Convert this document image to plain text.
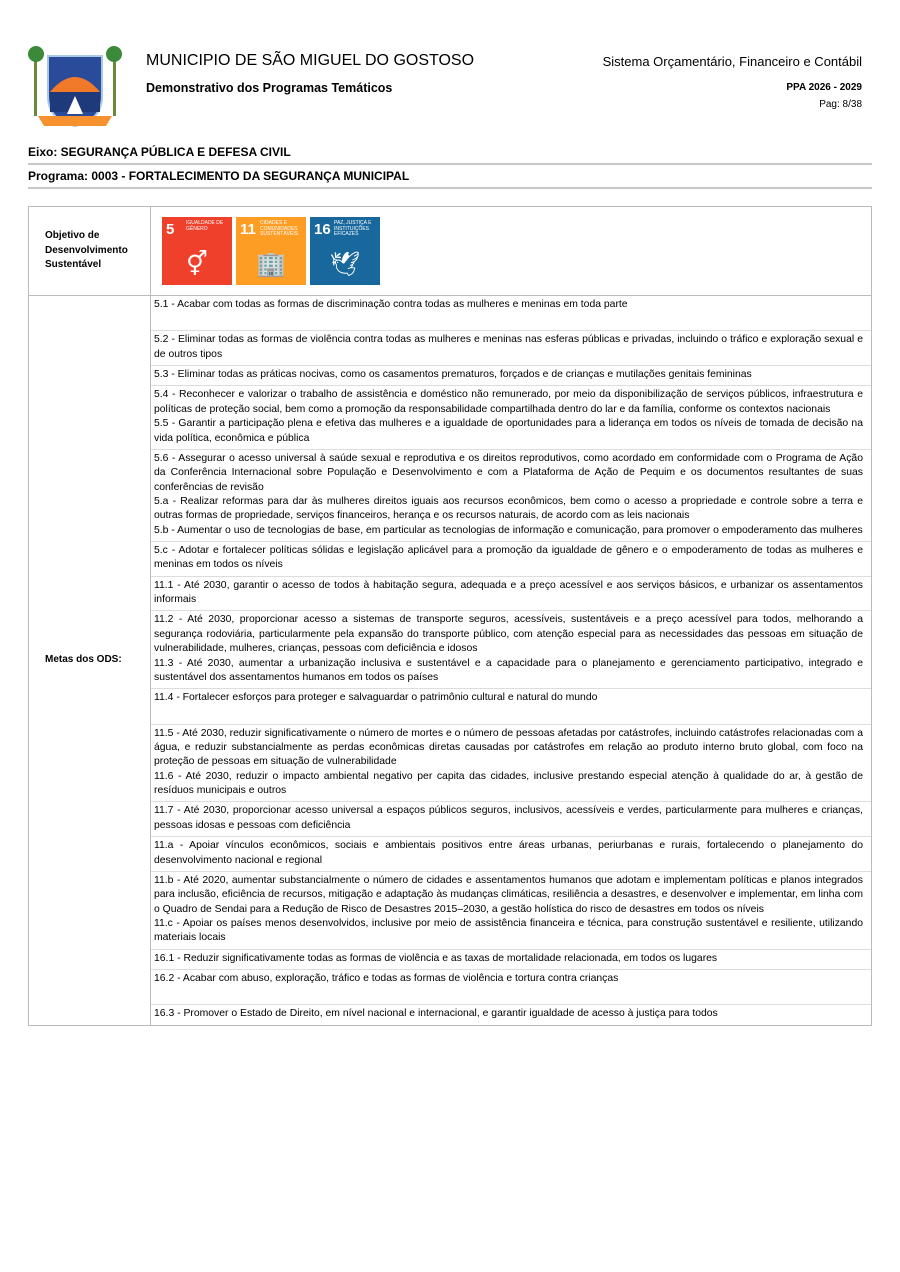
MUNICIPIO DE SÃO MIGUEL DO GOSTOSO
Demonstrativo dos Programas Temáticos
Sistema Orçamentário, Financeiro e Contábil
PPA 2026 - 2029
Pag: 8/38
Eixo: SEGURANÇA PÚBLICA E DEFESA CIVIL
Programa: 0003 - FORTALECIMENTO DA SEGURANÇA MUNICIPAL
Objetivo de Desenvolvimento Sustentável
5 IGUALDADE DE GÊNERO
⚥
11 CIDADES E COMUNIDADES SUSTENTÁVEIS
🏢
16 PAZ, JUSTIÇA E INSTITUIÇÕES EFICAZES
🕊
Metas dos ODS:
5.1 - Acabar com todas as formas de discriminação contra todas as mulheres e meninas em toda parte
5.2 - Eliminar todas as formas de violência contra todas as mulheres e meninas nas esferas públicas e privadas, incluindo o tráfico e exploração sexual e de outros tipos
5.3 - Eliminar todas as práticas nocivas, como os casamentos prematuros, forçados e de crianças e mutilações genitais femininas
5.4 - Reconhecer e valorizar o trabalho de assistência e doméstico não remunerado, por meio da disponibilização de serviços públicos, infraestrutura e políticas de proteção social, bem como a promoção da responsabilidade compartilhada dentro do lar e da família, conforme os contextos nacionais
5.5 - Garantir a participação plena e efetiva das mulheres e a igualdade de oportunidades para a liderança em todos os níveis de tomada de decisão na vida política, econômica e pública
5.6 - Assegurar o acesso universal à saúde sexual e reprodutiva e os direitos reprodutivos, como acordado em conformidade com o Programa de Ação da Conferência Internacional sobre População e Desenvolvimento e com a Plataforma de Ação de Pequim e os documentos resultantes de suas conferências de revisão
5.a - Realizar reformas para dar às mulheres direitos iguais aos recursos econômicos, bem como o acesso a propriedade e controle sobre a terra e outras formas de propriedade, serviços financeiros, herança e os recursos naturais, de acordo com as leis nacionais
5.b - Aumentar o uso de tecnologias de base, em particular as tecnologias de informação e comunicação, para promover o empoderamento das mulheres
5.c - Adotar e fortalecer políticas sólidas e legislação aplicável para a promoção da igualdade de gênero e o empoderamento de todas as mulheres e meninas em todos os níveis
11.1 - Até 2030, garantir o acesso de todos à habitação segura, adequada e a preço acessível e aos serviços básicos, e urbanizar os assentamentos informais
11.2 - Até 2030, proporcionar acesso a sistemas de transporte seguros, acessíveis, sustentáveis e a preço acessível para todos, melhorando a segurança rodoviária, particularmente pela expansão do transporte público, com atenção especial para as necessidades das pessoas em situação de vulnerabilidade, mulheres, crianças, pessoas com deficiência e idosos
11.3 - Até 2030, aumentar a urbanização inclusiva e sustentável e a capacidade para o planejamento e gerenciamento participativo, integrado e sustentável dos assentamentos humanos em todos os países
11.4 - Fortalecer esforços para proteger e salvaguardar o patrimônio cultural e natural do mundo
11.5 - Até 2030, reduzir significativamente o número de mortes e o número de pessoas afetadas por catástrofes, incluindo catástrofes relacionadas com a água, e reduzir substancialmente as perdas econômicas diretas causadas por catástrofes em relação ao produto interno bruto global, com foco na proteção de pessoas em situação de vulnerabilidade
11.6 - Até 2030, reduzir o impacto ambiental negativo per capita das cidades, inclusive prestando especial atenção à qualidade do ar, à gestão de resíduos municipais e outros
11.7 - Até 2030, proporcionar acesso universal a espaços públicos seguros, inclusivos, acessíveis e verdes, particularmente para mulheres e crianças, pessoas idosas e pessoas com deficiência
11.a - Apoiar vínculos econômicos, sociais e ambientais positivos entre áreas urbanas, periurbanas e rurais, fortalecendo o planejamento do desenvolvimento nacional e regional
11.b - Até 2020, aumentar substancialmente o número de cidades e assentamentos humanos que adotam e implementam políticas e planos integrados para inclusão, eficiência de recursos, mitigação e adaptação às mudanças climáticas, resiliência a desastres, e desenvolver e implementar, em linha com o Quadro de Sendai para a Redução de Risco de Desastres 2015–2030, a gestão holística do risco de desastres em todos os níveis
11.c - Apoiar os países menos desenvolvidos, inclusive por meio de assistência financeira e técnica, para construção sustentável e resiliente, utilizando materiais locais
16.1 - Reduzir significativamente todas as formas de violência e as taxas de mortalidade relacionada, em todos os lugares
16.2 - Acabar com abuso, exploração, tráfico e todas as formas de violência e tortura contra crianças
16.3 - Promover o Estado de Direito, em nível nacional e internacional, e garantir igualdade de acesso à justiça para todos
